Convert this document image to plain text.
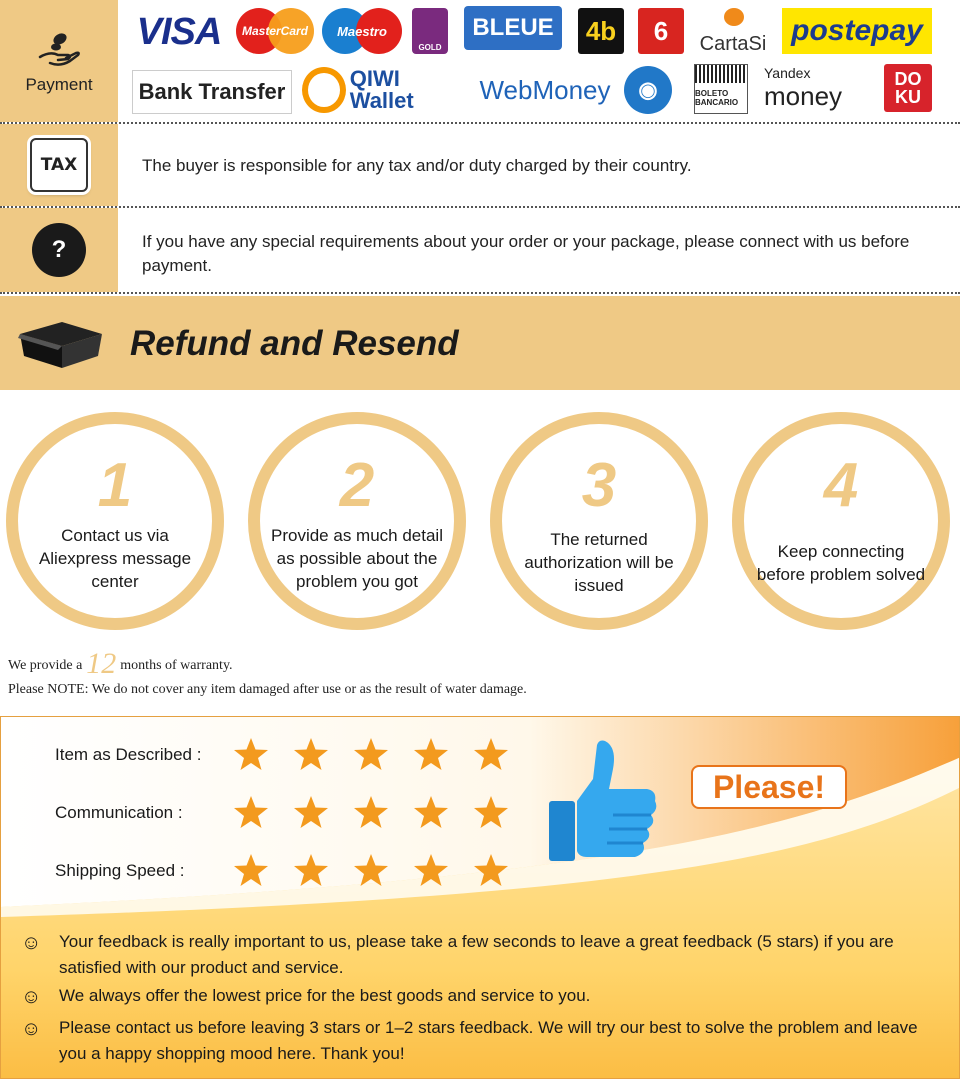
Payment
VISA	MasterCard Maestro
GOLD
BLEUE	4b	6	CartaSi postepay
Bank Transfer
QIWI Wallet	WebMoney	◉	BOLETO BANCARIO
Yandex
money
DO KU
TAX	The buyer is responsible for any tax and/or duty charged by their country.
?	If you have any special requirements about your order or your package, please connect with us before payment.
Refund and Resend
1
Contact us via Aliexpress message center
2
Provide as much detail as possible about the problem you got
3
The returned authorization will be issued
4
Keep connecting before problem solved
We provide a 12 months of warranty.
Please NOTE: We do not cover any item damaged after use or as the result of water damage.
Item as Described :
Communication :
Shipping Speed :
Please!
☺	Your feedback is really important to us, please take a few seconds to leave a great feedback (5 stars) if you are satisfied with our product and service.

☺	We always offer the lowest price for the best goods and service to you.

☺	Please contact us before leaving 3 stars or 1–2 stars feedback. We will try our best to solve the problem and leave you a happy shopping mood here. Thank you!
